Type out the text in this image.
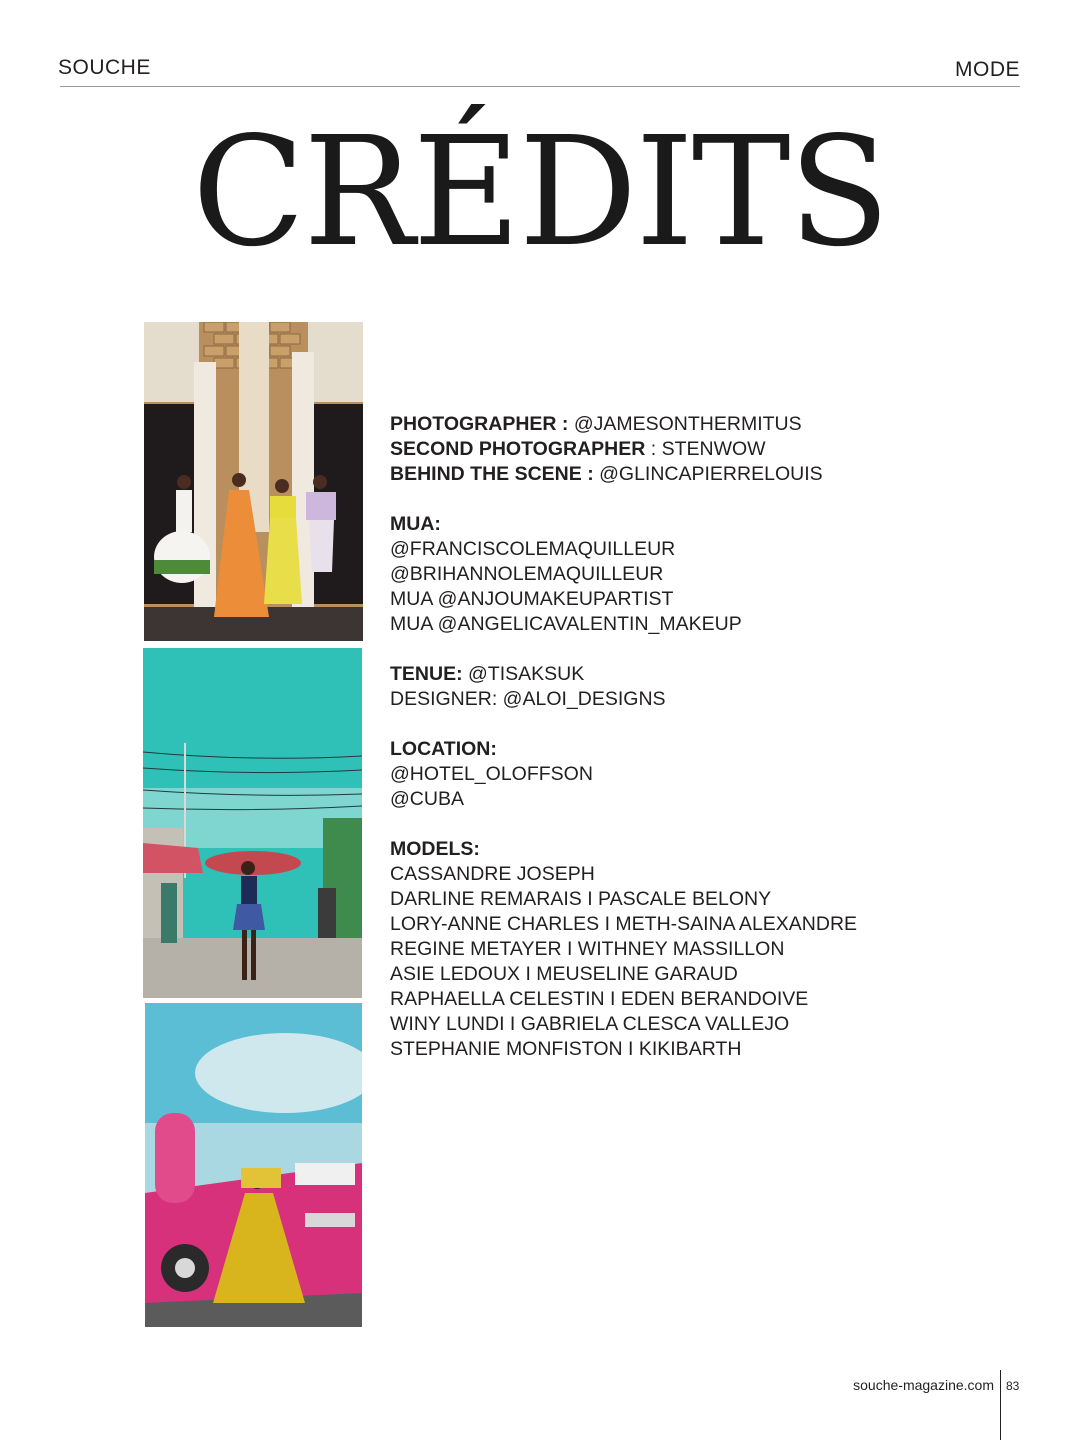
SOUCHE	MODE
CRÉDITS
PHOTOGRAPHER : @JAMESONTHERMITUS
SECOND PHOTOGRAPHER : STENWOW
BEHIND THE SCENE : @GLINCAPIERRELOUIS
MUA:
@FRANCISCOLEMAQUILLEUR
@BRIHANNOLEMAQUILLEUR
MUA @ANJOUMAKEUPARTIST
MUA @ANGELICAVALENTIN_MAKEUP
TENUE: @TISAKSUK
DESIGNER: @ALOI_DESIGNS
LOCATION:
@HOTEL_OLOFFSON
@CUBA
MODELS:
CASSANDRE JOSEPH
DARLINE REMARAIS I PASCALE BELONY
LORY-ANNE CHARLES I METH-SAINA ALEXANDRE
REGINE METAYER I WITHNEY MASSILLON
ASIE LEDOUX I MEUSELINE GARAUD
RAPHAELLA CELESTIN I EDEN BERANDOIVE
WINY LUNDI I GABRIELA CLESCA VALLEJO
STEPHANIE MONFISTON I KIKIBARTH
souche-magazine.com 83
